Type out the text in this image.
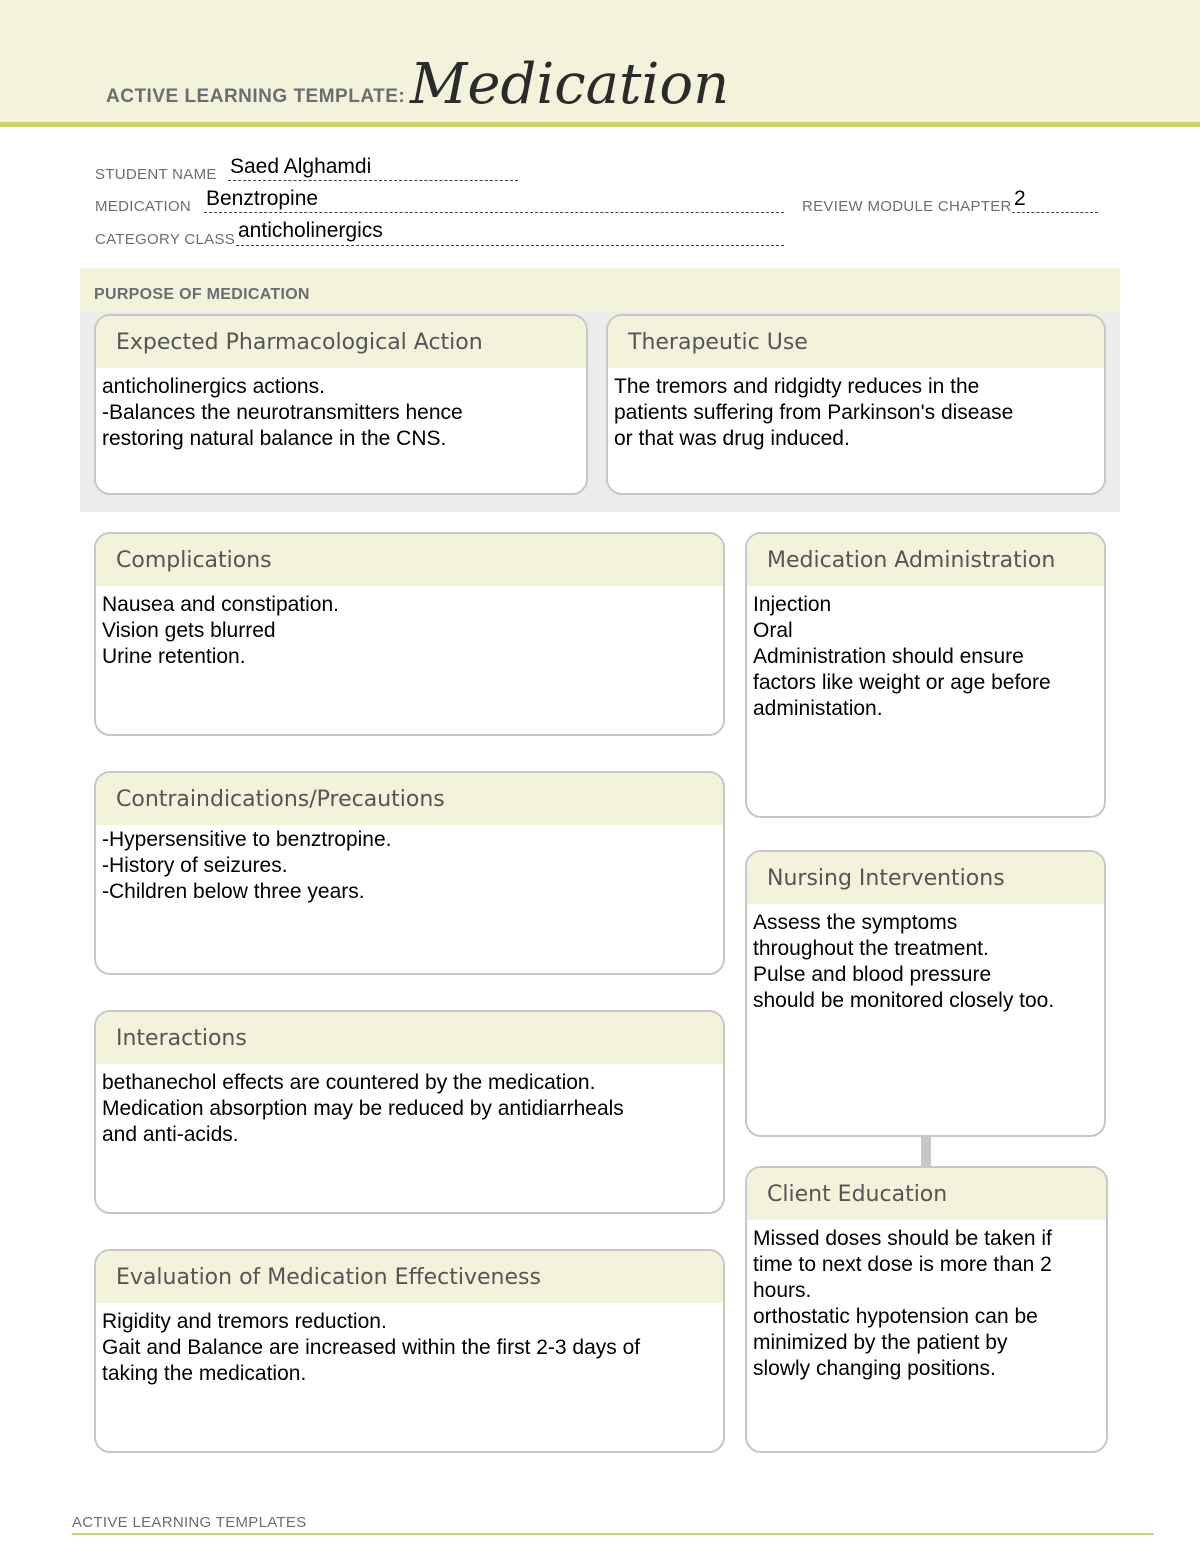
ACTIVE LEARNING TEMPLATE: Medication
STUDENT NAME Saed Alghamdi
MEDICATION Benztropine	REVIEW MODULE CHAPTER 2
CATEGORY CLASS anticholinergics
PURPOSE OF MEDICATION
Expected Pharmacological Action
anticholinergics actions.
-Balances the neurotransmitters hence
restoring natural balance in the CNS.
Therapeutic Use
The tremors and ridgidty reduces in the
patients suffering from Parkinson's disease
or that was drug induced.
Complications
Nausea and constipation.
Vision gets blurred
Urine retention.
Contraindications/Precautions
-Hypersensitive to benztropine.
-History of seizures.
-Children below three years.
Interactions
bethanechol effects are countered by the medication.
Medication absorption may be reduced by antidiarrheals
and anti-acids.
Evaluation of Medication Effectiveness
Rigidity and tremors reduction.
Gait and Balance are increased within the first 2-3 days of
taking the medication.
Medication Administration
Injection
Oral
Administration should ensure
factors like weight or age before
administation.
Nursing Interventions
Assess the symptoms
throughout the treatment.
Pulse and blood pressure
should be monitored closely too.
Client Education
Missed doses should be taken if
time to next dose is more than 2
hours.
orthostatic hypotension can be
minimized by the patient by
slowly changing positions.
ACTIVE LEARNING TEMPLATES
